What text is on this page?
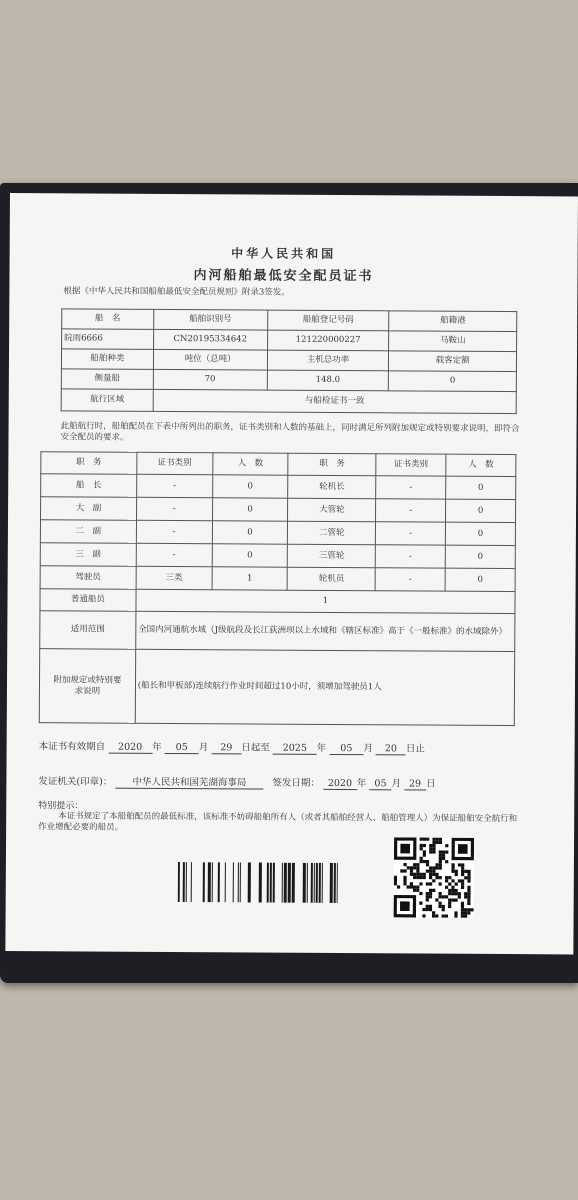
中华人民共和国
内河船舶最低安全配员证书
根据《中华人民共和国船舶最低安全配员规则》附录3签发。
船　名	船舶识别号	船舶登记号码	船籍港
皖雨6666	CN20195334642	121220000227	马鞍山
船舶种类	吨位（总吨）	主机总功率	载客定额
侧量船	70	148.0	0
航行区域	与船检证书一致		
此船航行时，船舶配员在下表中所列出的职务，证书类别和人数的基础上，同时满足所列附加规定或特别要求说明，即符合安全配员的要求。
职　务	证书类别	人　数	职　务	证书类别	人　数
船　长	-	0	轮机长	-	0
大　副	-	0	大管轮	-	0
二　副	-	0	二管轮	-	0
三　副	-	0	三管轮	-	0
驾驶员	三类	1	轮机员	-	0
普通船员	1				
适用范围	全国内河通航水域（J级航段及长江荻洲坝以上水域和《辖区标准》高于《一般标准》的水域除外）				
附加规定或特别要求说明	(船长和甲板部)连续航行作业时间超过10小时，须增加驾驶员1人				
本证书有效期自 2020 年 05 月 29 日起至 2025 年 05 月 20 日止
发证机关(印章)： 中华人民共和国芜湖海事局	签发日期： 2020 年 05 月 29 日
特别提示：
本证书规定了本船舶配员的最低标准，该标准不妨碍船舶所有人（或者其船舶经营人、船舶管理人）为保证船舶安全航行和作业增配必要的船员。
